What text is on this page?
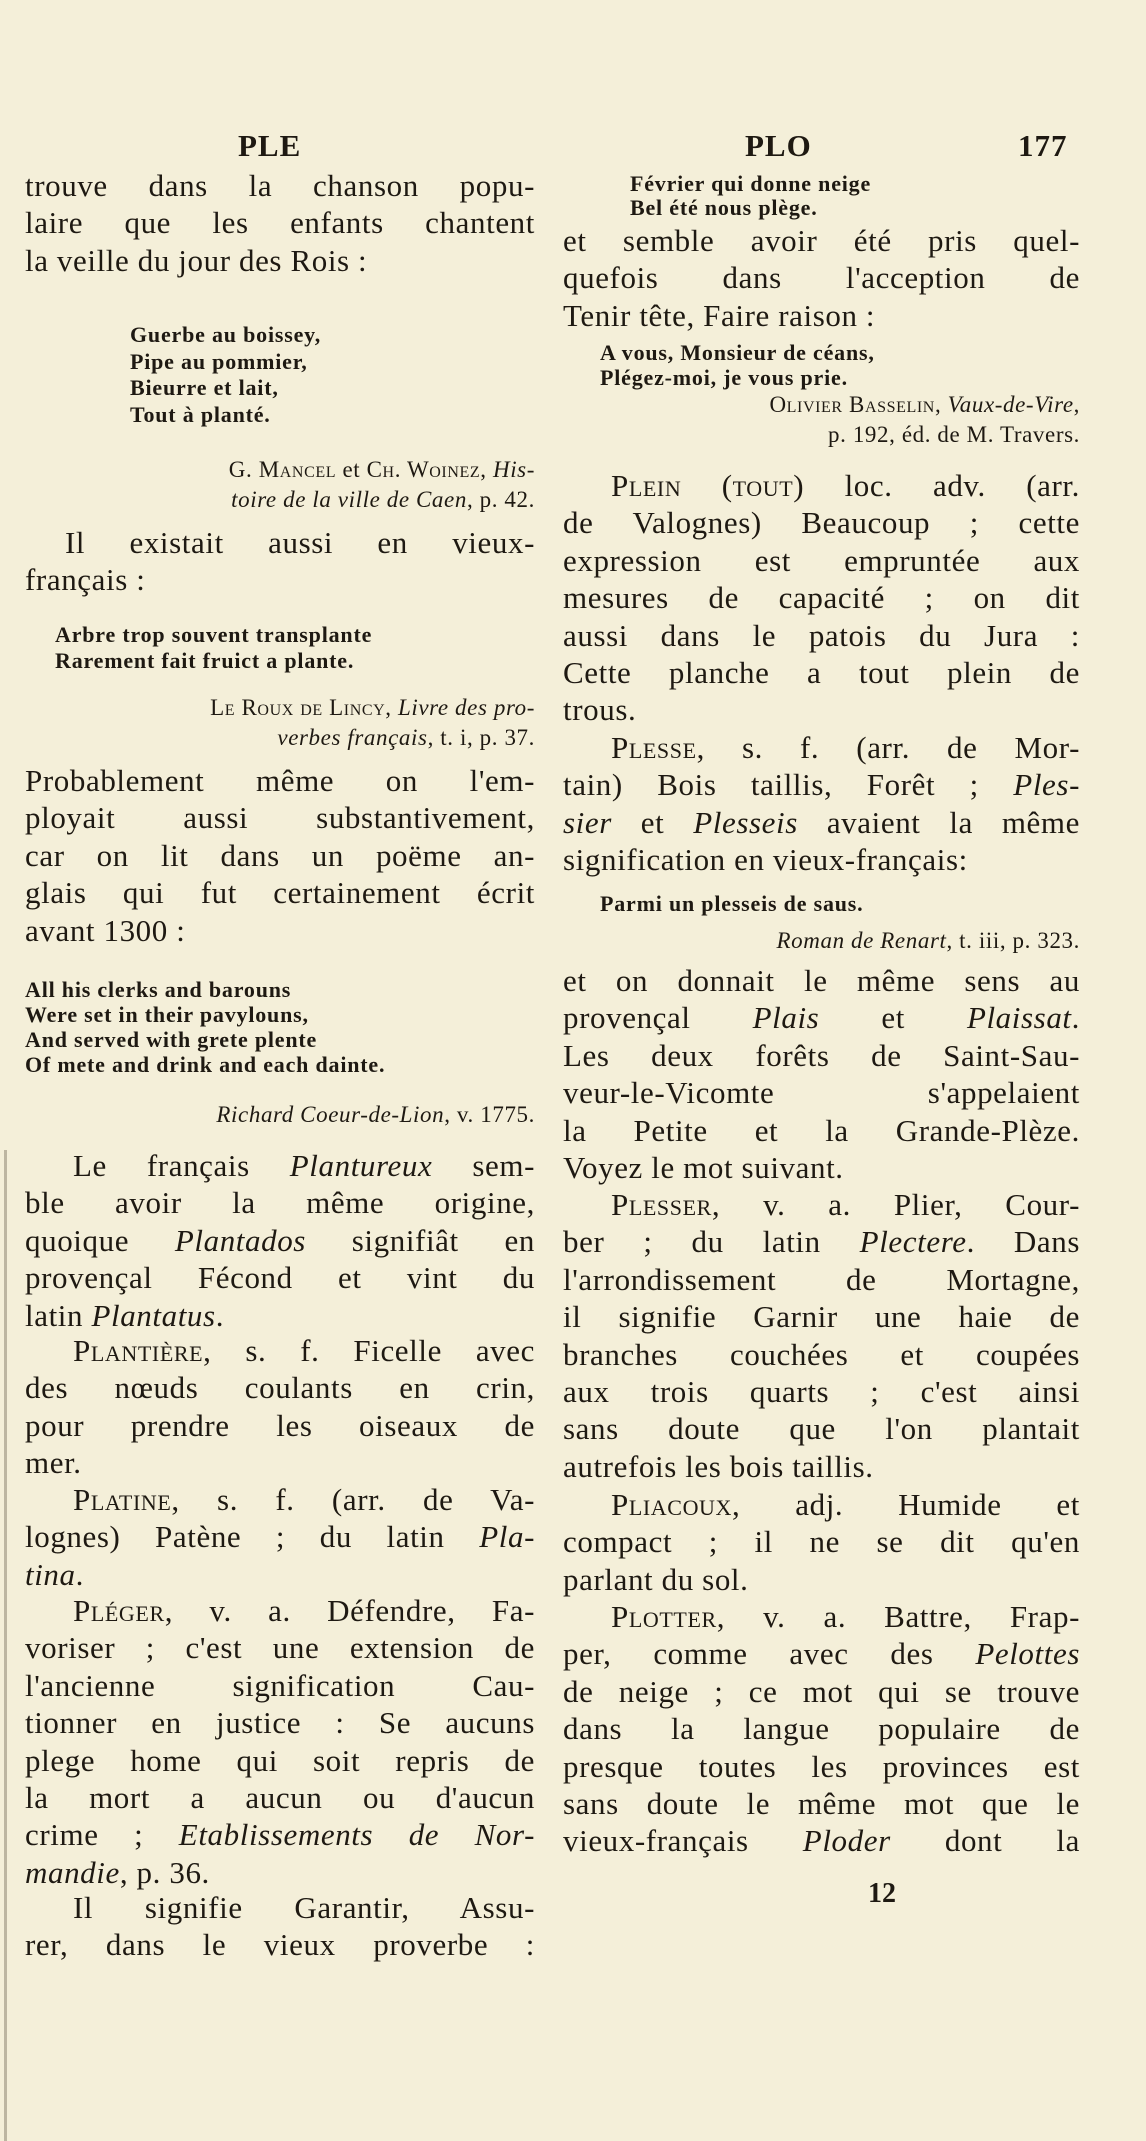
PLE	PLO	177
trouve dans la chanson popu-
laire que les enfants chantent
la veille du jour des Rois :
Guerbe au boissey,
Pipe au pommier,
Bieurre et lait,
Tout à planté.
G. Mancel et Ch. Woinez, His-
toire de la ville de Caen, p. 42.
Il existait aussi en vieux-
français :
Arbre trop souvent transplante
Rarement fait fruict a plante.
Le Roux de Lincy, Livre des pro-
verbes français, t. i, p. 37.
Probablement même on l'em-
ployait aussi substantivement,
car on lit dans un poëme an-
glais qui fut certainement écrit
avant 1300 :
All his clerks and barouns
Were set in their pavylouns,
And served with grete plente
Of mete and drink and each dainte.
Richard Coeur-de-Lion, v. 1775.
Le français Plantureux sem-
ble avoir la même origine,
quoique Plantados signifiât en
provençal Fécond et vint du
latin Plantatus.
Plantière, s. f. Ficelle avec
des nœuds coulants en crin,
pour prendre les oiseaux de
mer.
Platine, s. f. (arr. de Va-
lognes) Patène ; du latin Pla-
tina.
Pléger, v. a. Défendre, Fa-
voriser ; c'est une extension de
l'ancienne signification Cau-
tionner en justice : Se aucuns
plege home qui soit repris de
la mort a aucun ou d'aucun
crime ; Etablissements de Nor-
mandie, p. 36.
Il signifie Garantir, Assu-
rer, dans le vieux proverbe :
Février qui donne neige
Bel été nous plège.
et semble avoir été pris quel-
quefois dans l'acception de
Tenir tête, Faire raison :
A vous, Monsieur de céans,
Plégez-moi, je vous prie.
Olivier Basselin, Vaux-de-Vire,
p. 192, éd. de M. Travers.
Plein (tout) loc. adv. (arr.
de Valognes) Beaucoup ; cette
expression est empruntée aux
mesures de capacité ; on dit
aussi dans le patois du Jura :
Cette planche a tout plein de
trous.
Plesse, s. f. (arr. de Mor-
tain) Bois taillis, Forêt ; Ples-
sier et Plesseis avaient la même
signification en vieux-français:
Parmi un plesseis de saus.
Roman de Renart, t. iii, p. 323.
et on donnait le même sens au
provençal Plais et Plaissat.
Les deux forêts de Saint-Sau-
veur-le-Vicomte s'appelaient
la Petite et la Grande-Plèze.
Voyez le mot suivant.
Plesser, v. a. Plier, Cour-
ber ; du latin Plectere. Dans
l'arrondissement de Mortagne,
il signifie Garnir une haie de
branches couchées et coupées
aux trois quarts ; c'est ainsi
sans doute que l'on plantait
autrefois les bois taillis.
Pliacoux, adj. Humide et
compact ; il ne se dit qu'en
parlant du sol.
Plotter, v. a. Battre, Frap-
per, comme avec des Pelottes
de neige ; ce mot qui se trouve
dans la langue populaire de
presque toutes les provinces est
sans doute le même mot que le
vieux-français Ploder dont la
12
